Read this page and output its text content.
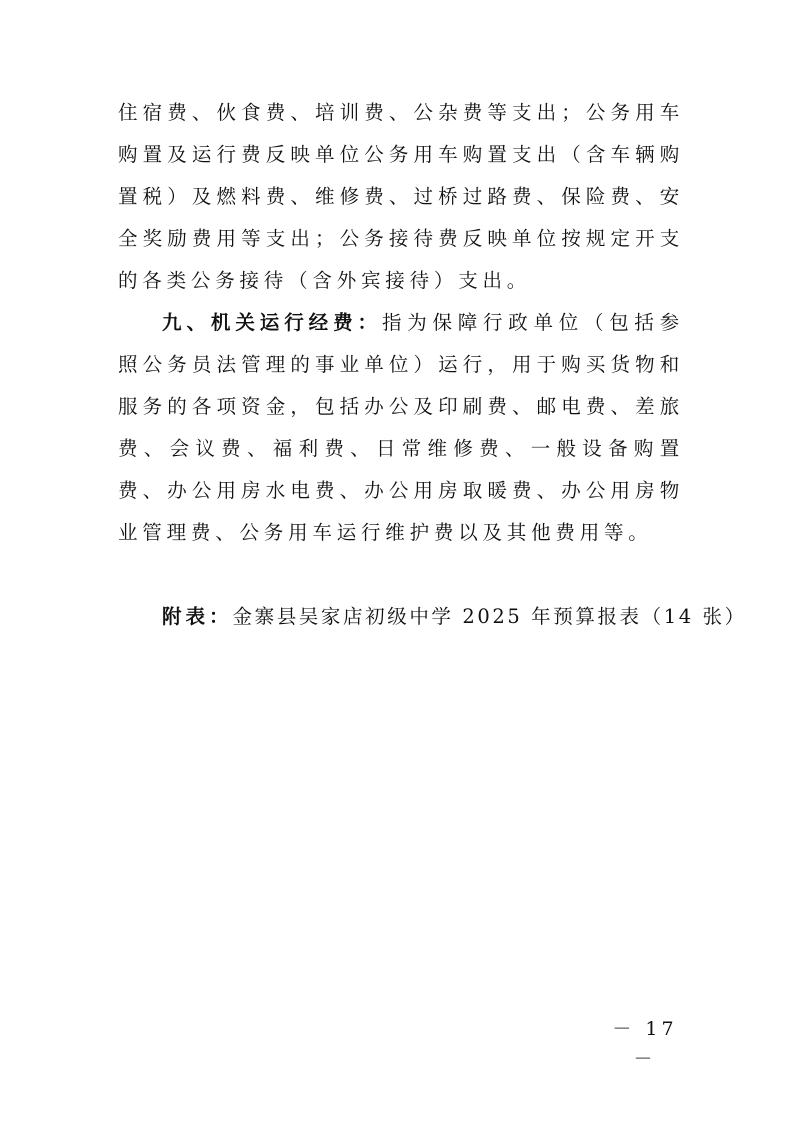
住宿费、伙食费、培训费、公杂费等支出；公务用车购置及运行费反映单位公务用车购置支出（含车辆购置税）及燃料费、维修费、过桥过路费、保险费、安全奖励费用等支出；公务接待费反映单位按规定开支的各类公务接待（含外宾接待）支出。

九、机关运行经费：指为保障行政单位（包括参照公务员法管理的事业单位）运行，用于购买货物和服务的各项资金，包括办公及印刷费、邮电费、差旅费、会议费、福利费、日常维修费、一般设备购置费、办公用房水电费、办公用房取暖费、办公用房物业管理费、公务用车运行维护费以及其他费用等。

附表：金寨县吴家店初级中学 2025 年预算报表（14 张）

－ 17 －
